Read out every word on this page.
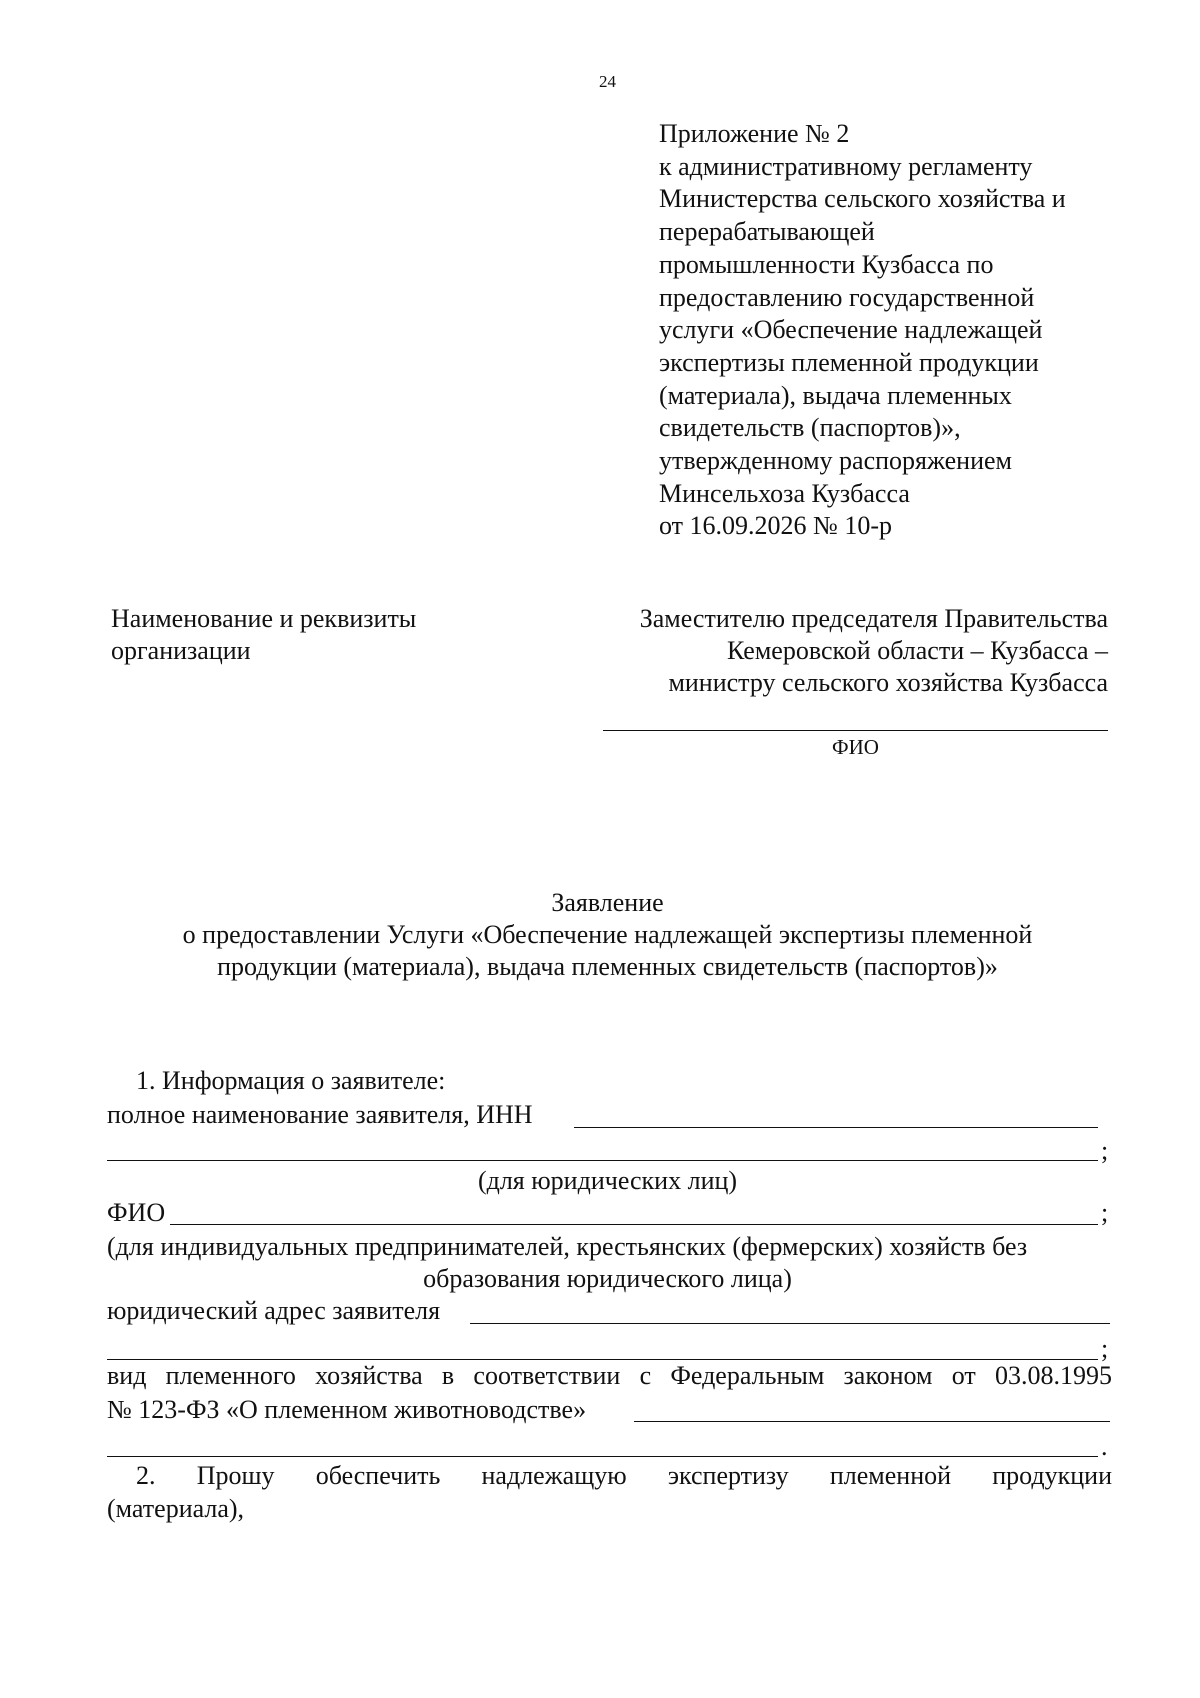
24
Приложение № 2
к административному регламенту
Министерства сельского хозяйства и
перерабатывающей
промышленности Кузбасса по
предоставлению государственной
услуги «Обеспечение надлежащей
экспертизы племенной продукции
(материала), выдача племенных
свидетельств (паспортов)»,
утвержденному распоряжением
Минсельхоза Кузбасса
от 16.09.2026 № 10-р
Наименование и реквизиты
организации
Заместителю председателя Правительства
Кемеровской области – Кузбасса –
министру сельского хозяйства Кузбасса
ФИО
Заявление
о предоставлении Услуги «Обеспечение надлежащей экспертизы племенной
продукции (материала), выдача племенных свидетельств (паспортов)»
1. Информация о заявителе:
полное наименование заявителя, ИНН
;
(для юридических лиц)
ФИО	;
(для индивидуальных предпринимателей, крестьянских (фермерских) хозяйств без
образования юридического лица)
юридический адрес заявителя
;
вид племенного хозяйства в соответствии с Федеральным законом от 03.08.1995
№ 123-ФЗ «О племенном животноводстве»
.
2. Прошу обеспечить надлежащую экспертизу племенной продукции
(материала),
